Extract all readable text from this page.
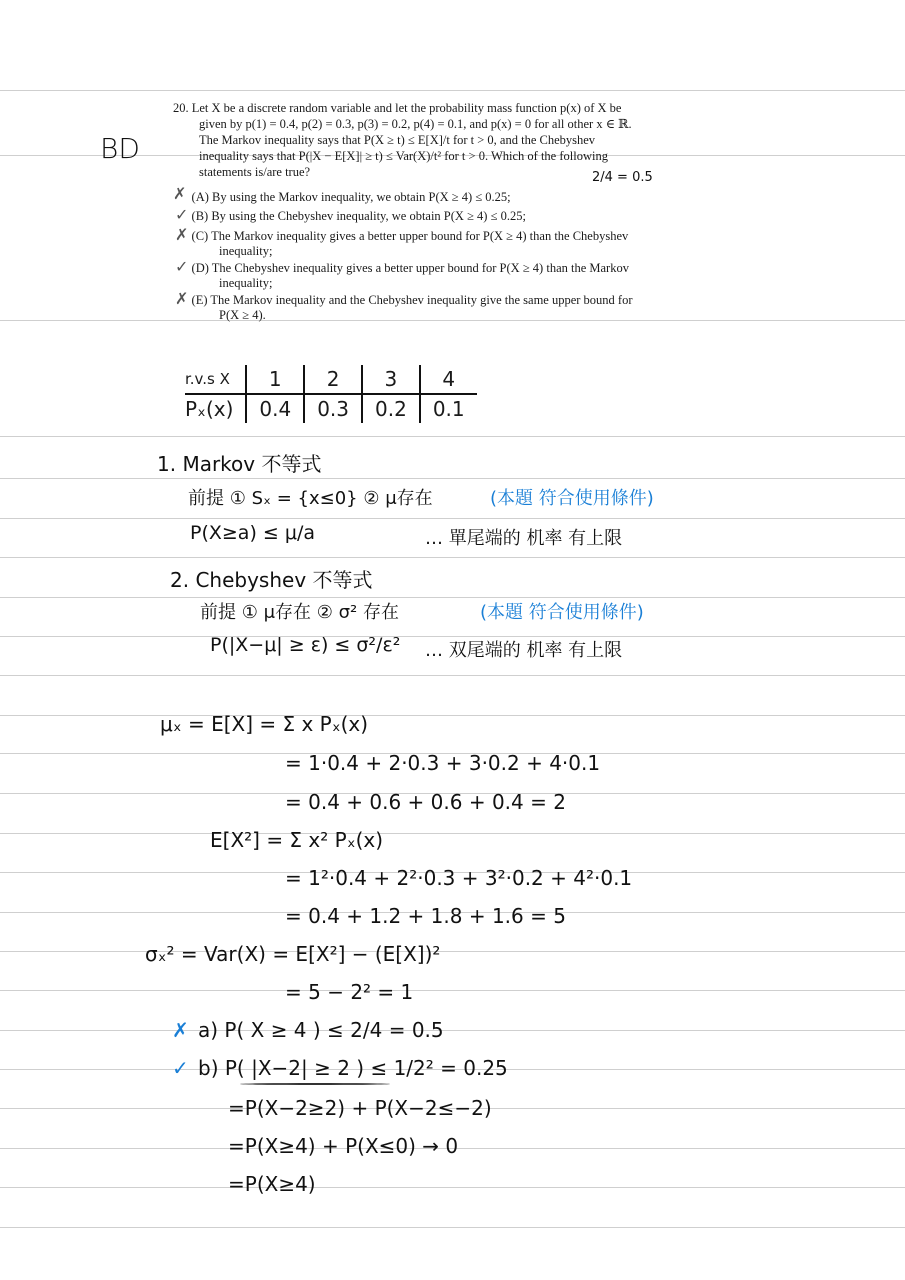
BD
20. Let X be a discrete random variable and let the probability mass function p(x) of X be
given by p(1) = 0.4, p(2) = 0.3, p(3) = 0.2, p(4) = 0.1, and p(x) = 0 for all other x ∈ ℝ.
The Markov inequality says that P(X ≥ t) ≤ E[X]/t for t > 0, and the Chebyshev
inequality says that P(|X − E[X]| ≥ t) ≤ Var(X)/t² for t > 0. Which of the following
statements is/are true?	2/4 = 0.5
✗ (A) By using the Markov inequality, we obtain P(X ≥ 4) ≤ 0.25;
✓ (B) By using the Chebyshev inequality, we obtain P(X ≥ 4) ≤ 0.25;
✗ (C) The Markov inequality gives a better upper bound for P(X ≥ 4) than the Chebyshev
inequality;
✓ (D) The Chebyshev inequality gives a better upper bound for P(X ≥ 4) than the Markov
inequality;
✗ (E) The Markov inequality and the Chebyshev inequality give the same upper bound for
P(X ≥ 4).
r.v.s X	1	2	3	4
Pₓ(x)	0.4	0.3	0.2	0.1
1. Markov 不等式
前提 ① Sₓ = {x≤0} ② μ存在	(本題 符合使用條件)
P(X≥a) ≤ μ/a	… 單尾端的 机率 有上限
2. Chebyshev 不等式
前提 ① μ存在 ② σ² 存在	(本題 符合使用條件)
P(|X−μ| ≥ ε) ≤ σ²/ε² … 双尾端的 机率 有上限
μₓ = E[X] = Σ x Pₓ(x)
= 1·0.4 + 2·0.3 + 3·0.2 + 4·0.1
= 0.4 + 0.6 + 0.6 + 0.4 = 2
E[X²] = Σ x² Pₓ(x)
= 1²·0.4 + 2²·0.3 + 3²·0.2 + 4²·0.1
= 0.4 + 1.2 + 1.8 + 1.6 = 5
σₓ² = Var(X) = E[X²] − (E[X])²
= 5 − 2² = 1
✗ a) P( X ≥ 4 ) ≤ 2/4 = 0.5
✓ b) P( |X−2| ≥ 2 ) ≤ 1/2² = 0.25
=P(X−2≥2) + P(X−2≤−2)
=P(X≥4) + P(X≤0) → 0
=P(X≥4)
